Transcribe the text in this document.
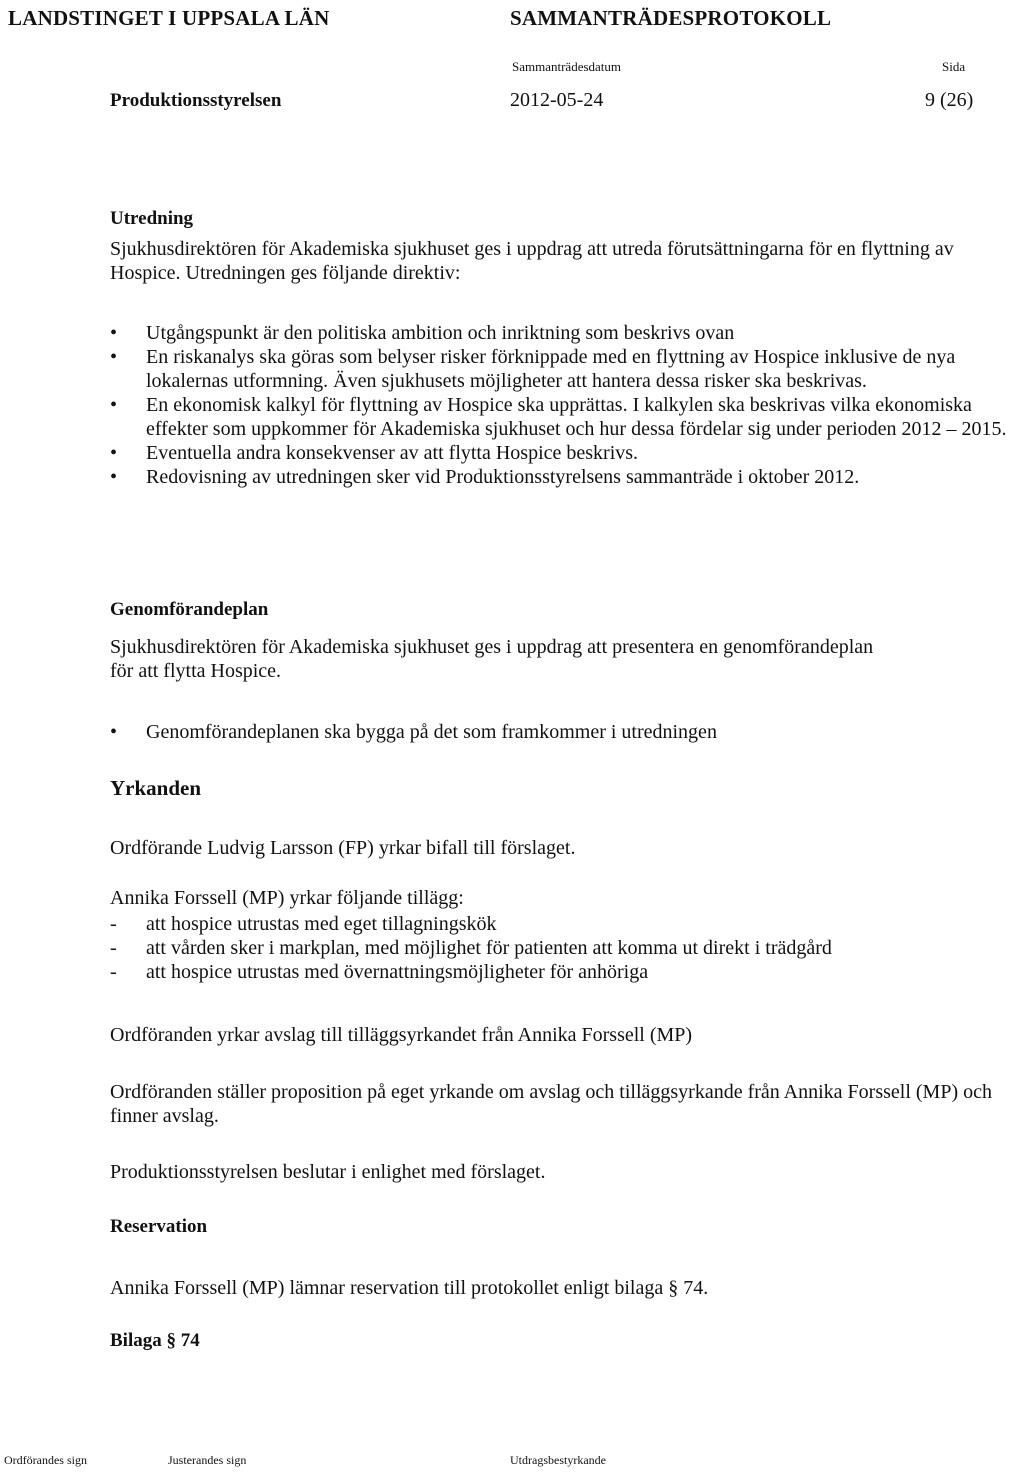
LANDSTINGET I UPPSALA LÄN	SAMMANTRÄDESPROTOKOLL
Sammanträdesdatum	Sida
Produktionsstyrelsen	2012-05-24	9 (26)
Utredning
Sjukhusdirektören för Akademiska sjukhuset ges i uppdrag att utreda förutsättningarna för en flyttning av Hospice. Utredningen ges följande direktiv:
• Utgångspunkt är den politiska ambition och inriktning som beskrivs ovan
• En riskanalys ska göras som belyser risker förknippade med en flyttning av Hospice inklusive de nya lokalernas utformning. Även sjukhusets möjligheter att hantera dessa risker ska beskrivas.
• En ekonomisk kalkyl för flyttning av Hospice ska upprättas. I kalkylen ska beskrivas vilka ekonomiska effekter som uppkommer för Akademiska sjukhuset och hur dessa fördelar sig under perioden 2012 – 2015.
• Eventuella andra konsekvenser av att flytta Hospice beskrivs.
• Redovisning av utredningen sker vid Produktionsstyrelsens sammanträde i oktober 2012.
Genomförandeplan
Sjukhusdirektören för Akademiska sjukhuset ges i uppdrag att presentera en genomförandeplan för att flytta Hospice.
• Genomförandeplanen ska bygga på det som framkommer i utredningen
Yrkanden
Ordförande Ludvig Larsson (FP) yrkar bifall till förslaget.
Annika Forssell (MP) yrkar följande tillägg:
- att hospice utrustas med eget tillagningskök
- att vården sker i markplan, med möjlighet för patienten att komma ut direkt i trädgård
- att hospice utrustas med övernattningsmöjligheter för anhöriga
Ordföranden yrkar avslag till tilläggsyrkandet från Annika Forssell (MP)
Ordföranden ställer proposition på eget yrkande om avslag och tilläggsyrkande från Annika Forssell (MP) och finner avslag.
Produktionsstyrelsen beslutar i enlighet med förslaget.
Reservation
Annika Forssell (MP) lämnar reservation till protokollet enligt bilaga § 74.
Bilaga § 74
Ordförandes sign	Justerandes sign	Utdragsbestyrkande
